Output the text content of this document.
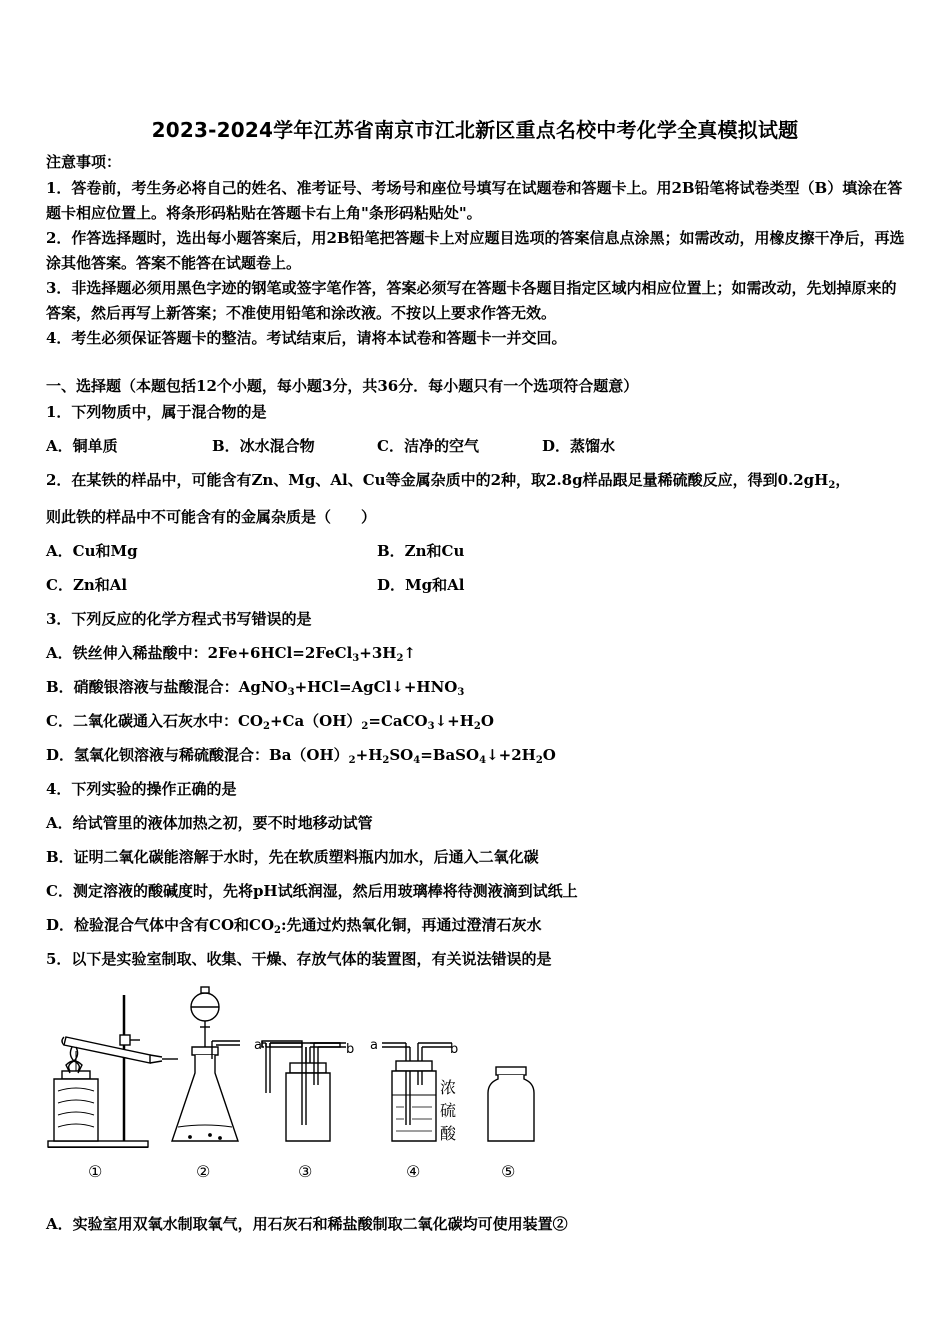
2023-2024学年江苏省南京市江北新区重点名校中考化学全真模拟试题
注意事项：
1．答卷前，考生务必将自己的姓名、准考证号、考场号和座位号填写在试题卷和答题卡上。用2B铅笔将试卷类型（B）填涂在答题卡相应位置上。将条形码粘贴在答题卡右上角"条形码粘贴处"。
2．作答选择题时，选出每小题答案后，用2B铅笔把答题卡上对应题目选项的答案信息点涂黑；如需改动，用橡皮擦干净后，再选涂其他答案。答案不能答在试题卷上。
3．非选择题必须用黑色字迹的钢笔或签字笔作答，答案必须写在答题卡各题目指定区域内相应位置上；如需改动，先划掉原来的答案，然后再写上新答案；不准使用铅笔和涂改液。不按以上要求作答无效。
4．考生必须保证答题卡的整洁。考试结束后，请将本试卷和答题卡一并交回。
一、选择题（本题包括12个小题，每小题3分，共36分．每小题只有一个选项符合题意）
1．下列物质中，属于混合物的是
A．铜单质	B．冰水混合物	C．洁净的空气	D．蒸馏水
2．在某铁的样品中，可能含有Zn、Mg、Al、Cu等金属杂质中的2种，取2.8g样品跟足量稀硫酸反应，得到$0.2gH_2$，
则此铁的样品中不可能含有的金属杂质是（　　）
A．Cu和Mg	B．Zn和Cu
C．Zn和Al	D．Mg和Al
3．下列反应的化学方程式书写错误的是
A．铁丝伸入稀盐酸中：$2Fe+6HCl=2FeCl_3+3H_2↑$
B．硝酸银溶液与盐酸混合：$AgNO_3+HCl=AgCl↓+HNO_3$
C．二氧化碳通入石灰水中：$CO_2+Ca(OH)_2=CaCO_3↓+H_2O$
D．氢氧化钡溶液与稀硫酸混合：$Ba(OH)_2+H_2SO_4=BaSO_4↓+2H_2O$
4．下列实验的操作正确的是
A．给试管里的液体加热之初，要不时地移动试管
B．证明二氧化碳能溶解于水时，先在软质塑料瓶内加水，后通入二氧化碳
C．测定溶液的酸碱度时，先将pH试纸润湿，然后用玻璃棒将待测液滴到试纸上
D．检验混合气体中含有CO和$CO_2$:先通过灼热氧化铜，再通过澄清石灰水
5．以下是实验室制取、收集、干燥、存放气体的装置图，有关说法错误的是
a	b a	b
浓
硫
酸
①	②	③	④	⑤
A．实验室用双氧水制取氧气，用石灰石和稀盐酸制取二氧化碳均可使用装置②
